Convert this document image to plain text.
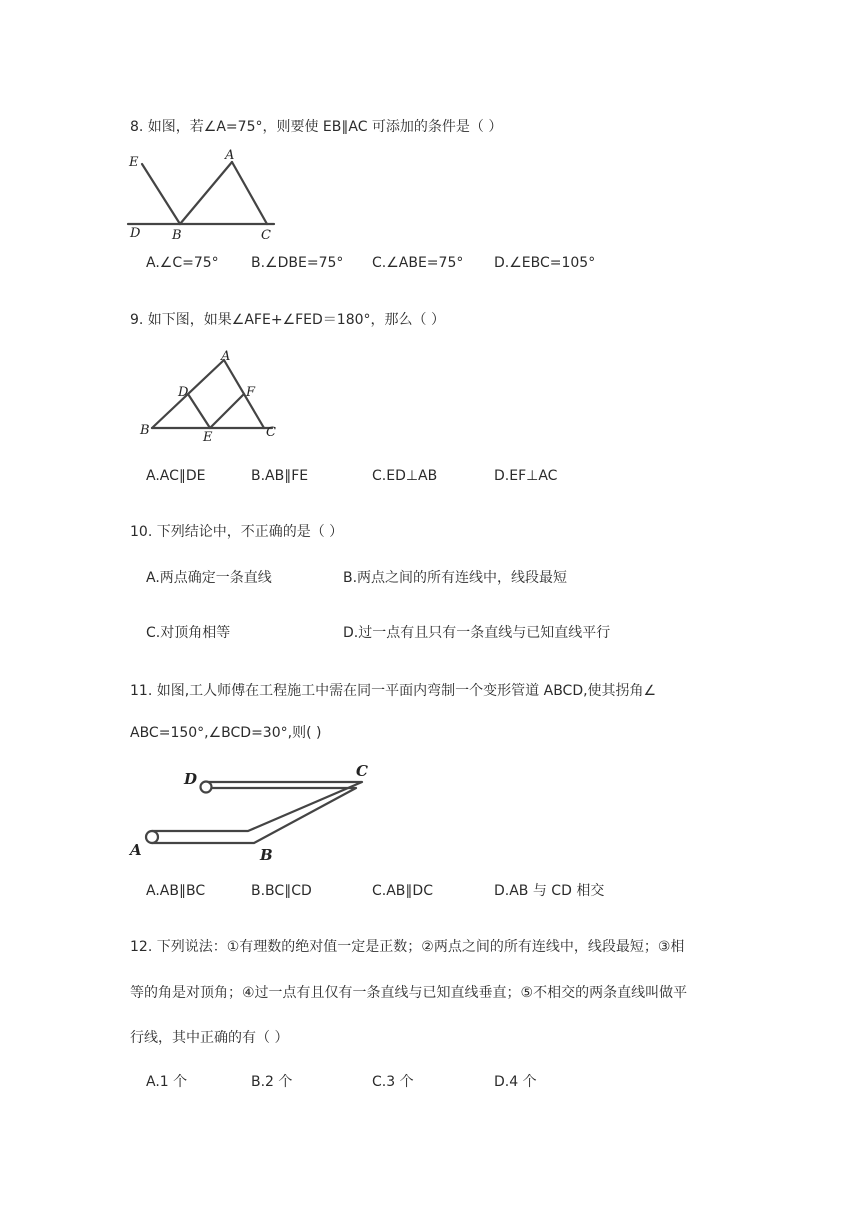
8. 如图，若∠A=75°，则要使 EB∥AC 可添加的条件是（ ）
E	A
D B	C
A.∠C=75° B.∠DBE=75° C.∠ABE=75° D.∠EBC=105°
9. 如下图，如果∠AFE+∠FED＝180°，那么（ ）
A
D	F
B	E	C
A.AC∥DE	B.AB∥FE	C.ED⊥AB	D.EF⊥AC
10. 下列结论中，不正确的是（ ）
A.两点确定一条直线	B.两点之间的所有连线中，线段最短
C.对顶角相等	D.过一点有且只有一条直线与已知直线平行
11. 如图,工人师傅在工程施工中需在同一平面内弯制一个变形管道 ABCD,使其拐角∠
ABC=150°,∠BCD=30°,则( )
D	C
A	B
A.AB∥BC	B.BC∥CD	C.AB∥DC	D.AB 与 CD 相交
12. 下列说法：①有理数的绝对值一定是正数；②两点之间的所有连线中，线段最短；③相
等的角是对顶角；④过一点有且仅有一条直线与已知直线垂直；⑤不相交的两条直线叫做平
行线，其中正确的有（ ）
A.1 个	B.2 个	C.3 个	D.4 个
